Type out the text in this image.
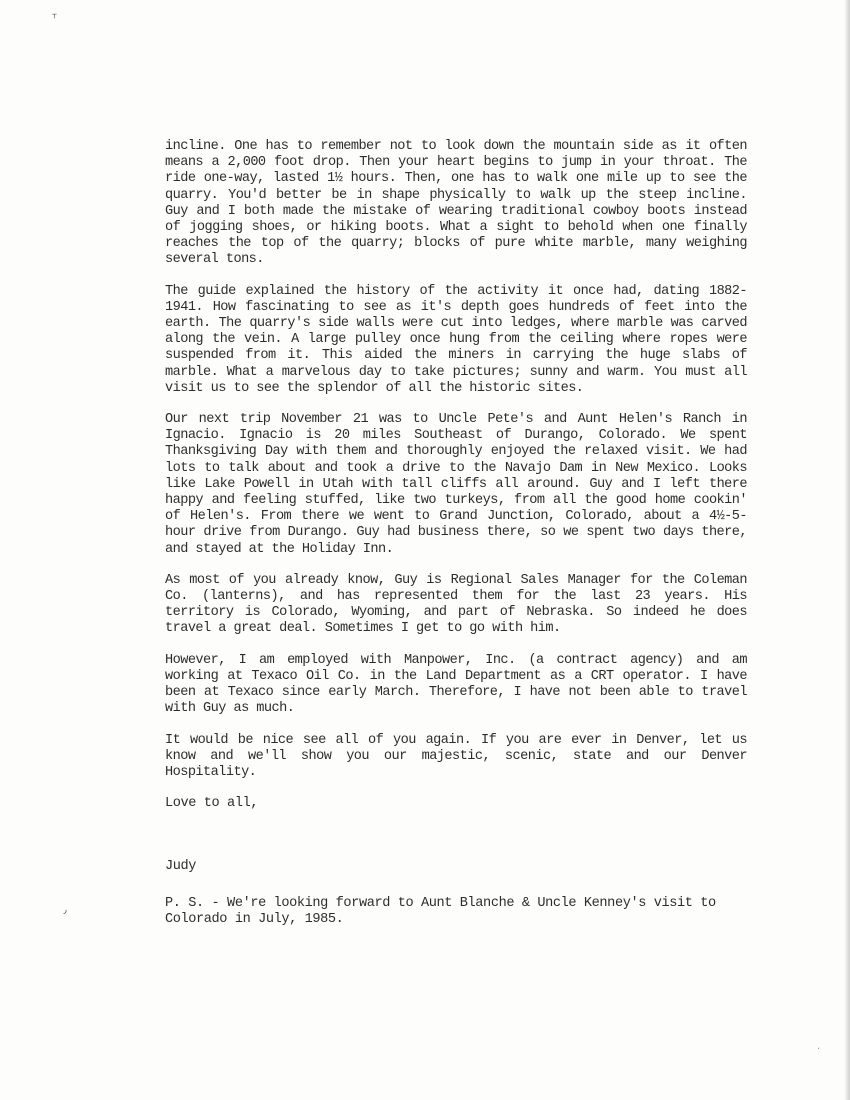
⸆
٫
ˏ

incline. One has to remember not to look down the mountain side as it often means a 2,000 foot drop. Then your heart begins to jump in your throat. The ride one-way, lasted 1½ hours. Then, one has to walk one mile up to see the quarry. You'd better be in shape physically to walk up the steep incline. Guy and I both made the mistake of wearing traditional cowboy boots instead of jogging shoes, or hiking boots. What a sight to behold when one finally reaches the top of the quarry; blocks of pure white marble, many weighing several tons.

The guide explained the history of the activity it once had, dating 1882-1941. How fascinating to see as it's depth goes hundreds of feet into the earth. The quarry's side walls were cut into ledges, where marble was carved along the vein. A large pulley once hung from the ceiling where ropes were suspended from it. This aided the miners in carrying the huge slabs of marble. What a marvelous day to take pictures; sunny and warm. You must all visit us to see the splendor of all the historic sites.

Our next trip November 21 was to Uncle Pete's and Aunt Helen's Ranch in Ignacio. Ignacio is 20 miles Southeast of Durango, Colorado. We spent Thanksgiving Day with them and thoroughly enjoyed the relaxed visit. We had lots to talk about and took a drive to the Navajo Dam in New Mexico. Looks like Lake Powell in Utah with tall cliffs all around. Guy and I left there happy and feeling stuffed, like two turkeys, from all the good home cookin' of Helen's. From there we went to Grand Junction, Colorado, about a 4½-5-hour drive from Durango. Guy had business there, so we spent two days there, and stayed at the Holiday Inn.

As most of you already know, Guy is Regional Sales Manager for the Coleman Co. (lanterns), and has represented them for the last 23 years. His territory is Colorado, Wyoming, and part of Nebraska. So indeed he does travel a great deal. Sometimes I get to go with him.

However, I am employed with Manpower, Inc. (a contract agency) and am working at Texaco Oil Co. in the Land Department as a CRT operator. I have been at Texaco since early March. Therefore, I have not been able to travel with Guy as much.

It would be nice see all of you again. If you are ever in Denver, let us know and we'll show you our majestic, scenic, state and our Denver Hospitality.

Love to all,
Judy
P. S. - We're looking forward to Aunt Blanche & Uncle Kenney's visit to Colorado in July, 1985.
